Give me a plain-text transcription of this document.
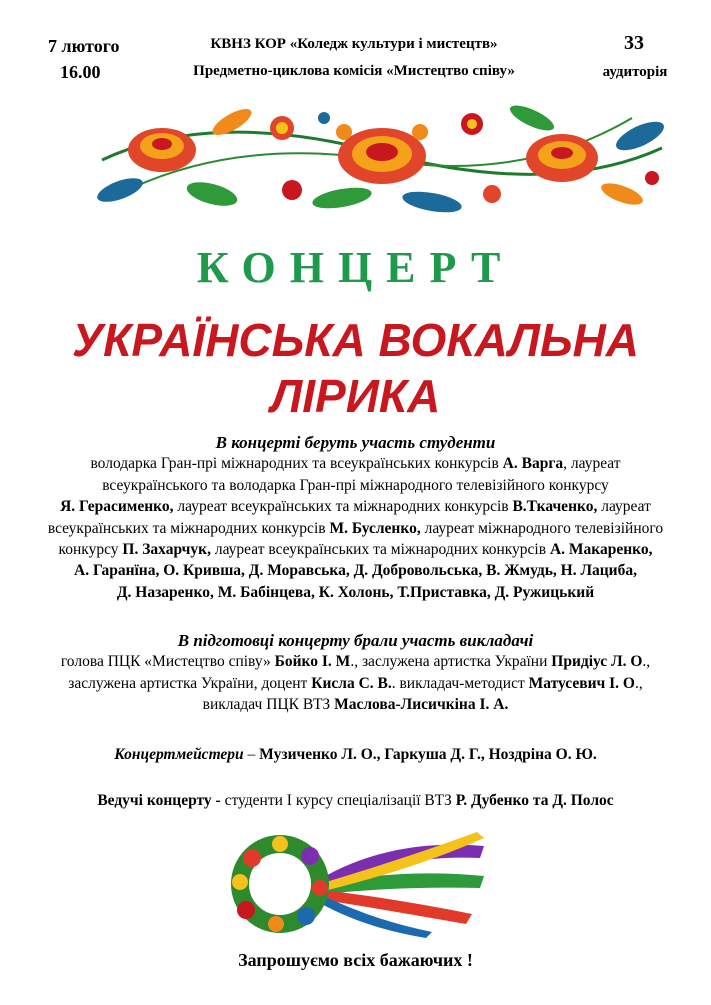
7 лютого
16.00
КВНЗ КОР «Коледж культури і мистецтв»
Предметно-циклова комісія «Мистецтво співу»
33
аудиторія
КОНЦЕРТ
УКРАЇНСЬКА ВОКАЛЬНА
ЛІРИКА
В концерті беруть участь студенти
володарка Гран-прі міжнародних та всеукраїнських конкурсів А. Варга, лауреат
всеукраїнського та володарка Гран-прі міжнародного телевізійного конкурсу
Я. Герасименко, лауреат всеукраїнських та міжнародних конкурсів В.Ткаченко, лауреат
всеукраїнських та міжнародних конкурсів М. Бусленко, лауреат міжнародного телевізійного
конкурсу П. Захарчук, лауреат всеукраїнських та міжнародних конкурсів А. Макаренко,
А. Гаранїна, О. Кривша, Д. Моравська, Д. Добровольська, В. Жмудь, Н. Лациба,
Д. Назаренко, М. Бабінцева, К. Холонь, Т.Приставка, Д. Ружицький
В підготовці концерту брали участь викладачі
голова ПЦК «Мистецтво співу» Бойко І. М., заслужена артистка України Придіус Л. О.,
заслужена артистка України, доцент Кисла С. В.. викладач-методист Матусевич І. О.,
викладач ПЦК ВТЗ Маслова-Лисичкіна І. А.
Концертмейстери – Музиченко Л. О., Гаркуша Д. Г., Ноздріна О. Ю.
Ведучі концерту - студенти І курсу спеціалізації ВТЗ Р. Дубенко та Д. Полос
Запрошуємо всіх бажаючих !
